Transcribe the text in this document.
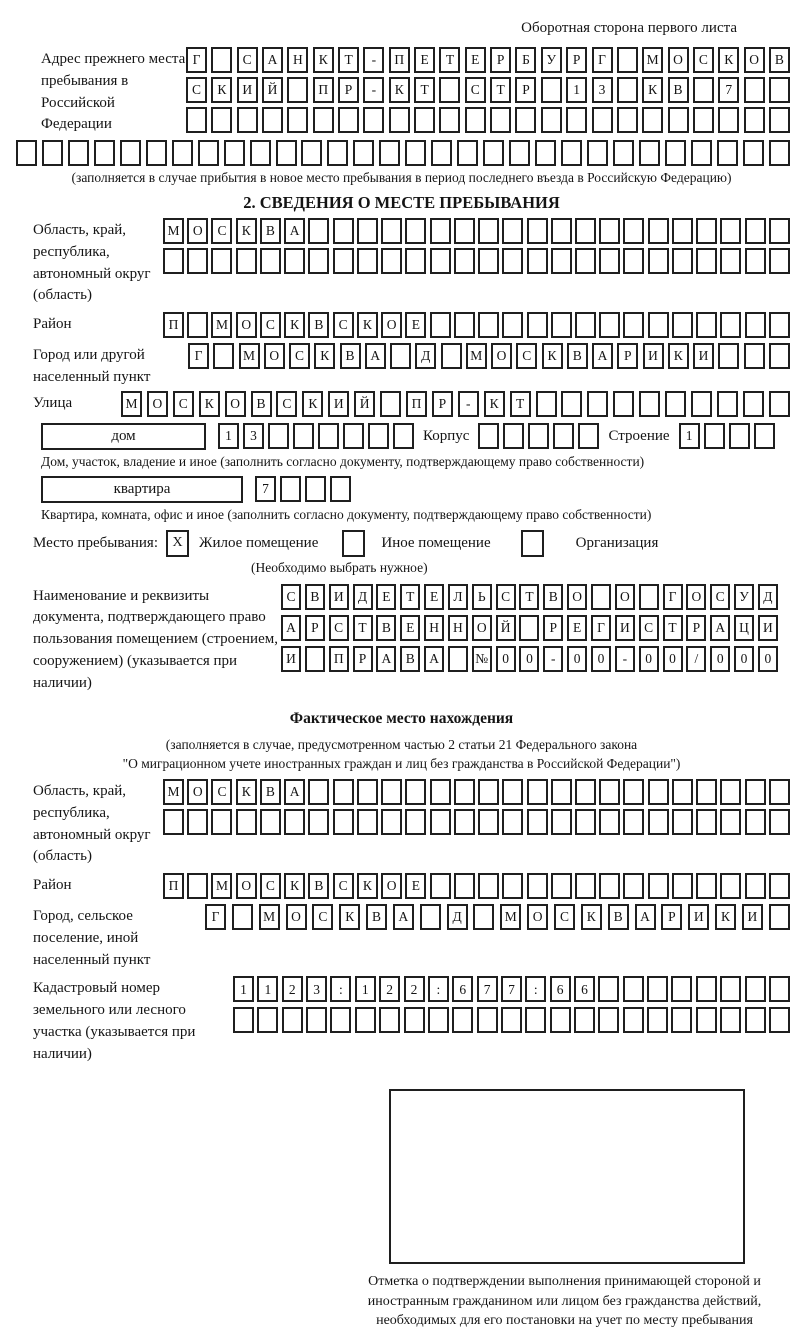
Оборотная сторона первого листа
Адрес прежнего места пребывания в Российской Федерации
Г	С	А	Н	К	Т	-	П	Е	Т	Е	Р	Б	У	Р	Г	М	О	С	К	О	В
С	К	И	Й	П	Р	-	К	Т	С	Т	Р	1	3	К	В	7
(заполняется в случае прибытия в новое место пребывания в период последнего въезда в Российскую Федерацию)
2. СВЕДЕНИЯ О МЕСТЕ ПРЕБЫВАНИЯ
Область, край, республика, автономный округ (область)
М О	С	К	В	А
Район	П	М О	С	К	В	С	К	О	Е
Город или другой населенный пункт
Г	М	О	С	К	В	А	Д	М	О	С	К	В	А	Р	И	К	И
Улица	М	О	С	К	О	В	С	К	И	Й	П	Р	-	К	Т
дом	1	3	Корпус	Строение	1
Дом, участок, владение и иное (заполнить согласно документу, подтверждающему право собственности)
квартира	7
Квартира, комната, офис и иное (заполнить согласно документу, подтверждающему право собственности)
Место пребывания:	X	Жилое помещение	Иное помещение	Организация
(Необходимо выбрать нужное)
Наименование и реквизиты документа, подтверждающего право пользования помещением (строением, сооружением) (указывается при наличии)
С	В	И	Д	Е	Т	Е	Л	Ь	С	Т	В	О	О	Г	О	С	У	Д
А	Р	С	Т	В	Е	Н	Н	О	Й	Р	Е	Г	И	С	Т	Р	А	Ц	И
И	П	Р	А	В	А	№	0	0	-	0	0	-	0	0	/	0	0	0
Фактическое место нахождения
(заполняется в случае, предусмотренном частью 2 статьи 21 Федерального закона
"О миграционном учете иностранных граждан и лиц без гражданства в Российской Федерации")
Область, край, республика, автономный округ (область)
М О	С	К	В	А
Район	П	М О	С	К	В	С	К	О	Е
Город, сельское поселение, иной населенный пункт
Г	М	О	С	К	В	А	Д	М	О	С	К	В	А	Р	И	К	И
Кадастровый номер земельного или лесного участка (указывается при наличии)
1	1	2	3	:	1	2	2	:	6	7	7	:	6	6
Отметка о подтверждении выполнения принимающей стороной и иностранным гражданином или лицом без гражданства действий, необходимых для его постановки на учет по месту пребывания
